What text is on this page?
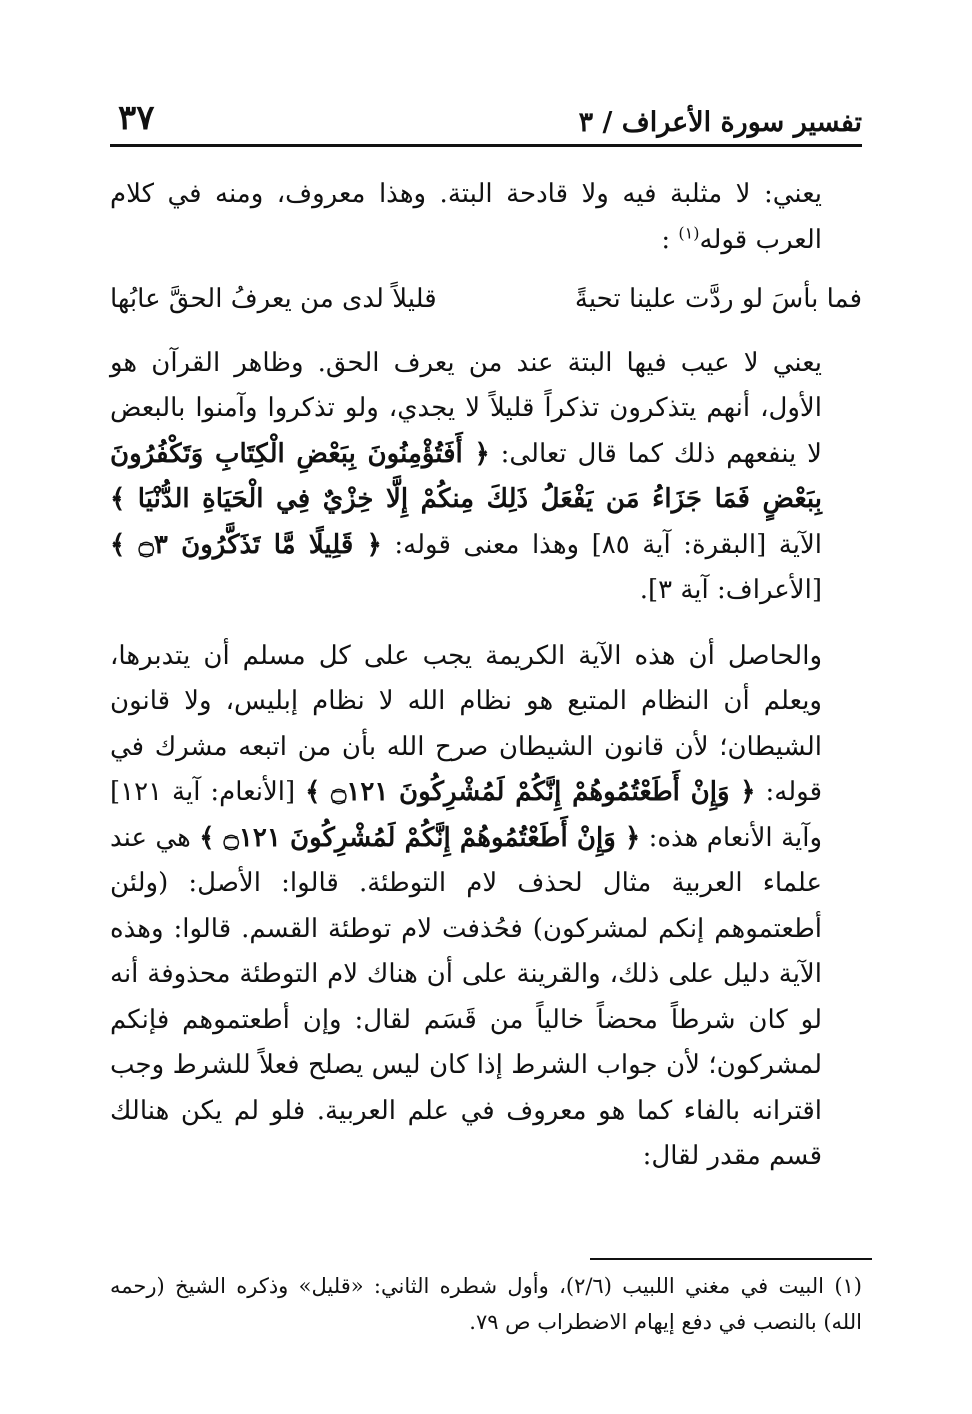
تفسير سورة الأعراف / ٣
٣٧

يعني: لا مثلبة فيه ولا قادحة البتة. وهذا معروف، ومنه في كلام العرب قوله$^{(١)}$ :

فما بأسَ لو ردَّت علينا تحيةً
قليلاً لدى من يعرفُ الحقَّ عابُها

يعني لا عيب فيها البتة عند من يعرف الحق. وظاهر القرآن هو الأول، أنهم يتذكرون تذكراً قليلاً لا يجدي، ولو تذكروا وآمنوا بالبعض لا ينفعهم ذلك كما قال تعالى: ﴿ أَفَتُؤْمِنُونَ بِبَعْضِ الْكِتَابِ وَتَكْفُرُونَ بِبَعْضٍ فَمَا جَزَاءُ مَن يَفْعَلُ ذَلِكَ مِنكُمْ إِلَّا خِزْيٌ فِي الْحَيَاةِ الدُّنْيَا ﴾ الآية [البقرة: آية ٨٥] وهذا معنى قوله: ﴿ قَلِيلًا مَّا تَذَكَّرُونَ ۝٣ ﴾ [الأعراف: آية ٣].

والحاصل أن هذه الآية الكريمة يجب على كل مسلم أن يتدبرها، ويعلم أن النظام المتبع هو نظام الله لا نظام إبليس، ولا قانون الشيطان؛ لأن قانون الشيطان صرح الله بأن من اتبعه مشرك في قوله: ﴿ وَإِنْ أَطَعْتُمُوهُمْ إِنَّكُمْ لَمُشْرِكُونَ ۝١٢١ ﴾ [الأنعام: آية ١٢١] وآية الأنعام هذه: ﴿ وَإِنْ أَطَعْتُمُوهُمْ إِنَّكُمْ لَمُشْرِكُونَ ۝١٢١ ﴾ هي عند علماء العربية مثال لحذف لام التوطئة. قالوا: الأصل: (ولئن أطعتموهم إنكم لمشركون) فحُذفت لام توطئة القسم. قالوا: وهذه الآية دليل على ذلك، والقرينة على أن هناك لام التوطئة محذوفة أنه لو كان شرطاً محضاً خالياً من قَسَم لقال: وإن أطعتموهم فإنكم لمشركون؛ لأن جواب الشرط إذا كان ليس يصلح فعلاً للشرط وجب اقترانه بالفاء كما هو معروف في علم العربية. فلو لم يكن هنالك قسم مقدر لقال:

(١) البيت في مغني اللبيب (٢/٦)، وأول شطره الثاني: «قليل» وذكره الشيخ (رحمه الله) بالنصب في دفع إيهام الاضطراب ص ٧٩.
